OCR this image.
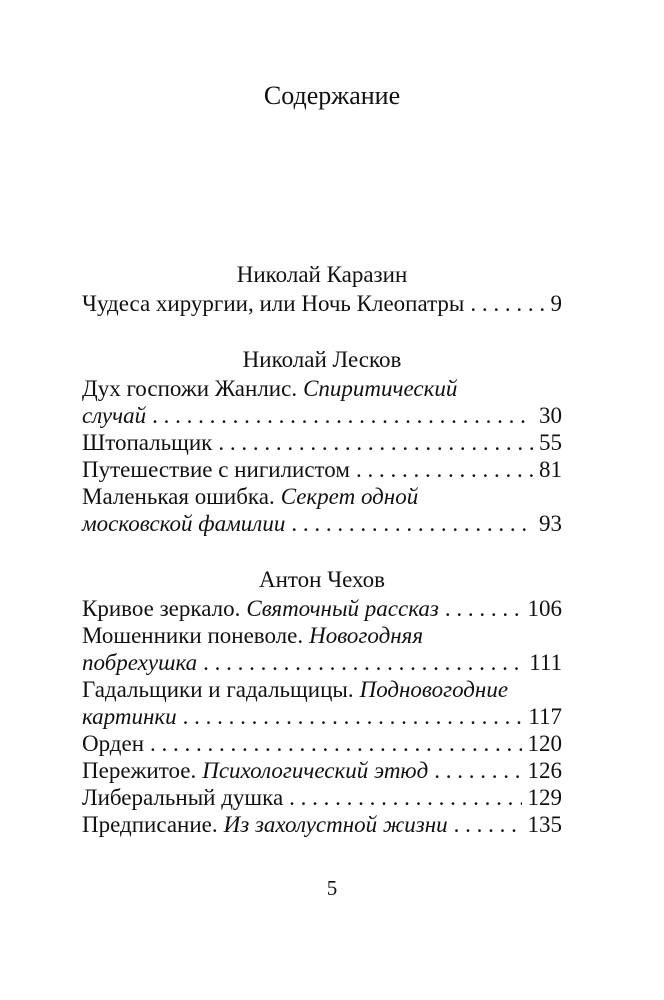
Содержание
Николай Каразин
Чудеса хирургии, или Ночь Клеопатры . . .	9
Николай Лесков
Дух госпожи Жанлис. Спиритический
случай . . .	30
Штопальщик . . .	55
Путешествие с нигилистом . . .	81
Маленькая ошибка. Секрет одной
московской фамилии . . .	93
Антон Чехов
Кривое зеркало. Святочный рассказ . . .	106
Мошенники поневоле. Новогодняя
побрехушка . . .	111
Гадальщики и гадальщицы. Подновогодние
картинки . . .	117
Орден . . .	120
Пережитое. Психологический этюд . . .	126
Либеральный душка . . .	129
Предписание. Из захолустной жизни . . .	135
5
